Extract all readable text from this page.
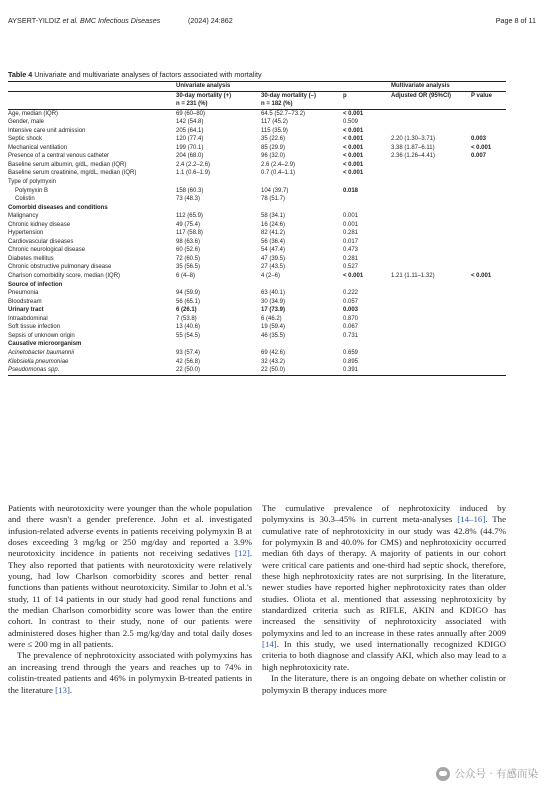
AYSERT-YILDIZ et al. BMC Infectious Diseases	(2024) 24:862	Page 8 of 11
Table 4 Univariate and multivariate analyses of factors associated with mortality
	Univariate analysis			Multivariate analysis	
	30-day mortality (+)	30-day mortality (–)	p	Adjusted OR (95%CI)	P value
	n = 231 (%)	n = 182 (%)			
Age, median (IQR)	69 (60–80)	64.5 (52.7–73.2)	< 0.001		
Gender, male	142 (54.8)	117 (45.2)	0.509		
Intensive care unit admission	205 (64.1)	115 (35.9)	< 0.001		
Septic shock	120 (77.4)	35 (22.6)	< 0.001	2.20 (1.30–3.71)	0.003
Mechanical ventilation	199 (70.1)	85 (29.9)	< 0.001	3.38 (1.87–6.11)	< 0.001
Presence of a central venous catheter	204 (68.0)	96 (32.0)	< 0.001	2.36 (1.26–4.41)	0.007
Baseline serum albumin, g/dL, median (IQR)	2.4 (2.2–2.6)	2.6 (2.4–2.9)	< 0.001		
Baseline serum creatinine, mg/dL, median (IQR)	1.1 (0.6–1.9)	0.7 (0.4–1.1)	< 0.001		
Type of polymyxin					
Polymyxin B	158 (60.3)	104 (39.7)	0.018		
Colistin	73 (48.3)	78 (51.7)			
Comorbid diseases and conditions					
Malignancy	112 (65.9)	58 (34.1)	0.001		
Chronic kidney disease	49 (75.4)	16 (24.6)	0.001		
Hypertension	117 (58.8)	82 (41.2)	0.281		
Cardiovascular diseases	98 (63.6)	56 (36.4)	0.017		
Chronic neurological disease	60 (52.6)	54 (47.4)	0.473		
Diabetes mellitus	72 (60.5)	47 (39.5)	0.281		
Chronic obstructive pulmonary disease	35 (56.5)	27 (43.5)	0.527		
Charlson comorbidity score, median (IQR)	6 (4–8)	4 (2–6)	< 0.001	1.21 (1.11–1.32)	< 0.001
Source of infection					
Pneumonia	94 (59.9)	63 (40.1)	0.222		
Bloodstream	56 (65.1)	30 (34.9)	0.057		
Urinary tract	6 (26.1)	17 (73.9)	0.003		
Intraabdominal	7 (53.8)	6 (46.2)	0.870		
Soft tissue infection	13 (40.6)	19 (59.4)	0.067		
Sepsis of unknown origin	55 (54.5)	46 (35.5)	0.731		
Causative microorganism					
Acinetobacter baumannii	93 (57.4)	69 (42.6)	0.659		
Klebsiella pneumoniae	42 (56.8)	32 (43.2)	0.895		
Pseudomonas spp.	22 (50.0)	22 (50.0)	0.391		

Patients with neurotoxicity were younger than the whole population and there wasn't a gender preference. John et al. investigated infusion-related adverse events in patients receiving polymyxin B at doses exceeding 3 mg/kg or 250 mg/day and reported a 3.9% neurotoxicity incidence in patients not receiving sedatives [12]. They also reported that patients with neurotoxicity were relatively young, had low Charlson comorbidity scores and better renal functions than patients without neurotoxicity. Similar to John et al.'s study, 11 of 14 patients in our study had good renal functions and the median Charlson comorbidity score was lower than the entire cohort. In contrast to their study, none of our patients were administered doses higher than 2.5 mg/kg/day and total daily doses were ≤ 200 mg in all patients.

The prevalence of nephrotoxicity associated with polymyxins has an increasing trend through the years and reaches up to 74% in colistin-treated patients and 46% in polymyxin B-treated patients in the literature [13].

The cumulative prevalence of nephrotoxicity induced by polymyxins is 30.3–45% in current meta-analyses [14–16]. The cumulative rate of nephrotoxicity in our study was 42.8% (44.7% for polymyxin B and 40.0% for CMS) and nephrotoxicity occurred median 6th days of therapy. A majority of patients in our cohort were critical care patients and one-third had septic shock, therefore, these high nephrotoxicity rates are not surprising. In the literature, newer studies have reported higher nephrotoxicity rates than older studies. Oliota et al. mentioned that assessing nephrotoxicity by standardized criteria such as RIFLE, AKIN and KDIGO has increased the sensitivity of nephrotoxicity associated with polymyxins and led to an increase in these rates annually after 2009 [14]. In this study, we used internationally recognized KDIGO criteria to both diagnose and classify AKI, which also may lead to a high nephrotoxicity rate.

In the literature, there is an ongoing debate on whether colistin or polymyxin B therapy induces more

公众号 · 有感而染
